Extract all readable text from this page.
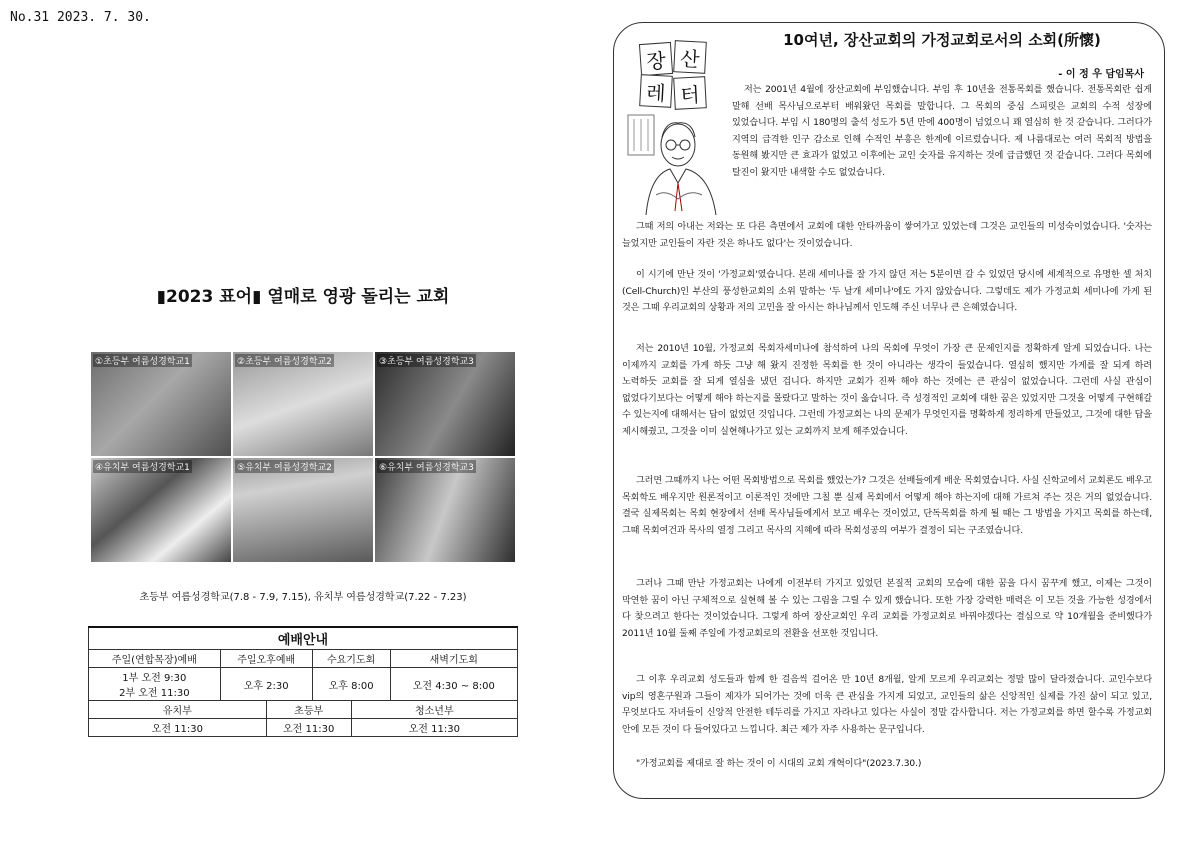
No.31 2023. 7. 30.
▮2023 표어▮ 열매로 영광 돌리는 교회
①초등부 여름성경학교1	②초등부 여름성경학교2	③초등부 여름성경학교3
④유치부 여름성경학교1	⑤유치부 여름성경학교2	⑥유치부 여름성경학교3
초등부 여름성경학교(7.8 - 7.9, 7.15), 유치부 여름성경학교(7.22 - 7.23)
예배안내					
주일(연합목장)예배	주일오후예배		수요기도회		새벽기도회

1부 오전 9:30
2부 오전 11:30	오후 2:30		오후 8:00		오전 4:30 ~ 8:00
유치부		초등부		청소년부	
오전 11:30		오전 11:30		오전 11:30	
장 산
레 터
10여년, 장산교회의 가정교회로서의 소회(所懷)
- 이 정 우 담임목사

저는 2001년 4월에 장산교회에 부임했습니다. 부임 후 10년을 전통목회를 했습니다. 전통목회란 쉽게 말해 선배 목사님으로부터 배워왔던 목회를 말합니다. 그 목회의 중심 스피릿은 교회의 수적 성장에 있었습니다. 부임 시 180명의 출석 성도가 5년 만에 400명이 넘었으니 꽤 열심히 한 것 같습니다. 그러다가 지역의 급격한 인구 감소로 인해 수적인 부흥은 한계에 이르렀습니다. 제 나름대로는 여러 목회적 방법을 동원해 봤지만 큰 효과가 없었고 이후에는 교인 숫자를 유지하는 것에 급급했던 것 같습니다. 그러다 목회에 탈진이 왔지만 내색할 수도 없었습니다.

그때 저의 아내는 저와는 또 다른 측면에서 교회에 대한 안타까움이 쌓여가고 있었는데 그것은 교인들의 미성숙이었습니다. '숫자는 늘었지만 교인들이 자란 것은 하나도 없다'는 것이었습니다.

이 시기에 만난 것이 '가정교회'였습니다. 본래 세미나를 잘 가지 않던 저는 5분이면 갈 수 있었던 당시에 세계적으로 유명한 셀 처치(Cell-Church)인 부산의 풍성한교회의 소위 말하는 '두 날개 세미나'에도 가지 않았습니다. 그렇데도 제가 가정교회 세미나에 가게 된 것은 그때 우리교회의 상황과 저의 고민을 잘 아시는 하나님께서 인도해 주신 너무나 큰 은혜였습니다.

저는 2010년 10월, 가정교회 목회자세미나에 참석하여 나의 목회에 무엇이 가장 큰 문제인지를 정확하게 알게 되었습니다. 나는 이제까지 교회를 가게 하듯 그냥 해 왔지 진정한 목회를 한 것이 아니라는 생각이 들었습니다. 열심히 했지만 가게를 잘 되게 하려 노력하듯 교회를 잘 되게 열심을 냈던 겁니다. 하지만 교회가 진짜 해야 하는 것에는 큰 관심이 없었습니다. 그런데 사실 관심이 없었다기보다는 어떻게 해야 하는지를 몰랐다고 말하는 것이 옳습니다. 즉 성경적인 교회에 대한 꿈은 있었지만 그것을 어떻게 구현해갈 수 있는지에 대해서는 답이 없었던 것입니다. 그런데 가정교회는 나의 문제가 무엇인지를 명확하게 정리하게 만들었고, 그것에 대한 답을 제시해줬고, 그것을 이미 실현해나가고 있는 교회까지 보게 해주었습니다.

그러면 그때까지 나는 어떤 목회방법으로 목회를 했었는가? 그것은 선배들에게 배운 목회였습니다. 사실 신학교에서 교회론도 배우고 목회학도 배우지만 원론적이고 이론적인 것에만 그칠 뿐 실제 목회에서 어떻게 해야 하는지에 대해 가르쳐 주는 것은 거의 없었습니다. 결국 실제목회는 목회 현장에서 선배 목사님들에게서 보고 배우는 것이었고, 단독목회를 하게 될 때는 그 방법을 가지고 목회를 하는데, 그때 목회여건과 목사의 열정 그리고 목사의 지혜에 따라 목회성공의 여부가 결정이 되는 구조였습니다.

그러나 그때 만난 가정교회는 나에게 이전부터 가지고 있었던 본질적 교회의 모습에 대한 꿈을 다시 꿈꾸게 했고, 이제는 그것이 막연한 꿈이 아닌 구체적으로 실현해 볼 수 있는 그림을 그릴 수 있게 했습니다. 또한 가장 강력한 매력은 이 모든 것을 가능한 성경에서 다 찾으려고 한다는 것이었습니다. 그렇게 하여 장산교회인 우리 교회를 가정교회로 바꿔야겠다는 결심으로 약 10개월을 준비했다가 2011년 10월 둘째 주일에 가정교회로의 전환을 선포한 것입니다.

그 이후 우리교회 성도들과 함께 한 걸음씩 걸어온 만 10년 8개월, 알게 모르게 우리교회는 정말 많이 달라졌습니다. 교인수보다 vip의 영혼구원과 그들이 제자가 되어가는 것에 더욱 큰 관심을 가지게 되었고, 교인들의 삶은 신앙적인 실제를 가진 삶이 되고 있고, 무엇보다도 자녀들이 신앙적 안전한 테두리를 가지고 자라나고 있다는 사실이 정말 감사합니다. 저는 가정교회를 하면 할수록 가정교회 안에 모든 것이 다 들어있다고 느낍니다. 최근 제가 자주 사용하는 문구입니다.

"가정교회를 제대로 잘 하는 것이 이 시대의 교회 개혁이다"(2023.7.30.)
